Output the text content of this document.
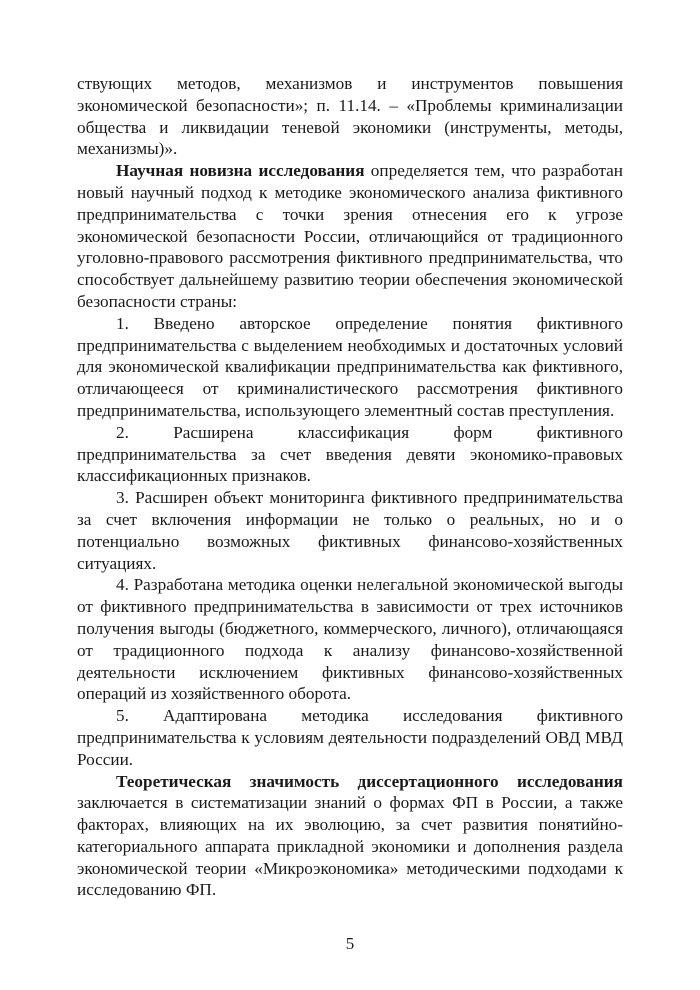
ствующих методов, механизмов и инструментов повышения экономической безопасности»; п. 11.14. – «Проблемы криминализации общества и ликвидации теневой экономики (инструменты, методы, механизмы)».

Научная новизна исследования определяется тем, что разработан новый научный подход к методике экономического анализа фиктивного предпринимательства с точки зрения отнесения его к угрозе экономической безопасности России, отличающийся от традиционного уголовно-правового рассмотрения фиктивного предпринимательства, что способствует дальнейшему развитию теории обеспечения экономической безопасности страны:

1. Введено авторское определение понятия фиктивного предпринимательства с выделением необходимых и достаточных условий для экономической квалификации предпринимательства как фиктивного, отличающееся от криминалистического рассмотрения фиктивного предпринимательства, использующего элементный состав преступления.

2. Расширена классификация форм фиктивного предпринимательства за счет введения девяти экономико-правовых классификационных признаков.

3. Расширен объект мониторинга фиктивного предпринимательства за счет включения информации не только о реальных, но и о потенциально возможных фиктивных финансово-хозяйственных ситуациях.

4. Разработана методика оценки нелегальной экономической выгоды от фиктивного предпринимательства в зависимости от трех источников получения выгоды (бюджетного, коммерческого, личного), отличающаяся от традиционного подхода к анализу финансово-хозяйственной деятельности исключением фиктивных финансово-хозяйственных операций из хозяйственного оборота.

5. Адаптирована методика исследования фиктивного предпринимательства к условиям деятельности подразделений ОВД МВД России.

Теоретическая значимость диссертационного исследования заключается в систематизации знаний о формах ФП в России, а также факторах, влияющих на их эволюцию, за счет развития понятийно-категориального аппарата прикладной экономики и дополнения раздела экономической теории «Микроэкономика» методическими подходами к исследованию ФП.

5
